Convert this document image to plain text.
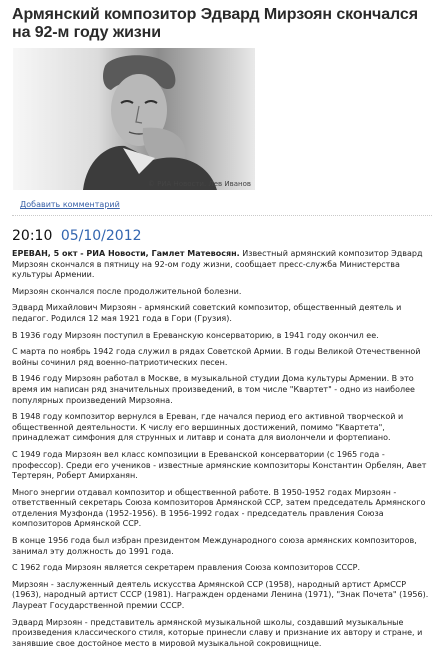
Армянский композитор Эдвард Мирзоян скончался на 92-м году жизни
© РИА Новости. Лев Иванов
Добавить комментарий
20:10 05/10/2012

ЕРЕВАН, 5 окт - РИА Новости, Гамлет Матевосян. Известный армянский композитор Эдвард Мирзоян скончался в пятницу на 92-ом году жизни, сообщает пресс-служба Министерства культуры Армении.

Мирзоян скончался после продолжительной болезни.

Эдвард Михайлович Мирзоян - армянский советский композитор, общественный деятель и педагог. Родился 12 мая 1921 года в Гори (Грузия).

В 1936 году Мирзоян поступил в Ереванскую консерваторию, в 1941 году окончил ее.

С марта по ноябрь 1942 года служил в рядах Советской Армии. В годы Великой Отечественной войны сочинил ряд военно-патриотических песен.

В 1946 году Мирзоян работал в Москве, в музыкальной студии Дома культуры Армении. В это время им написан ряд значительных произведений, в том числе "Квартет" - одно из наиболее популярных произведений Мирзояна.

В 1948 году композитор вернулся в Ереван, где начался период его активной творческой и общественной деятельности. К числу его вершинных достижений, помимо "Квартета", принадлежат симфония для струнных и литавр и соната для виолончели и фортепиано.

С 1949 года Мирзоян вел класс композиции в Ереванской консерватории (с 1965 года - профессор). Среди его учеников - известные армянские композиторы Константин Орбелян, Авет Тертерян, Роберт Амирханян.

Много энергии отдавал композитор и общественной работе. В 1950-1952 годах Мирзоян - ответственный секретарь Союза композиторов Армянской ССР, затем председатель Армянского отделения Музфонда (1952-1956). В 1956-1992 годах - председатель правления Союза композиторов Армянской ССР.

В конце 1956 года был избран президентом Международного союза армянских композиторов, занимал эту должность до 1991 года.

С 1962 года Мирзоян является секретарем правления Союза композиторов СССР.

Мирзоян - заслуженный деятель искусства Армянской ССР (1958), народный артист АрмССР (1963), народный артист СССР (1981). Награжден орденами Ленина (1971), "Знак Почета" (1956). Лауреат Государственной премии СССР.

Эдвард Мирзоян - представитель армянской музыкальной школы, создавший музыкальные произведения классического стиля, которые принесли славу и признание их автору и стране, и занявшие свое достойное место в мировой музыкальной сокровищнице.
